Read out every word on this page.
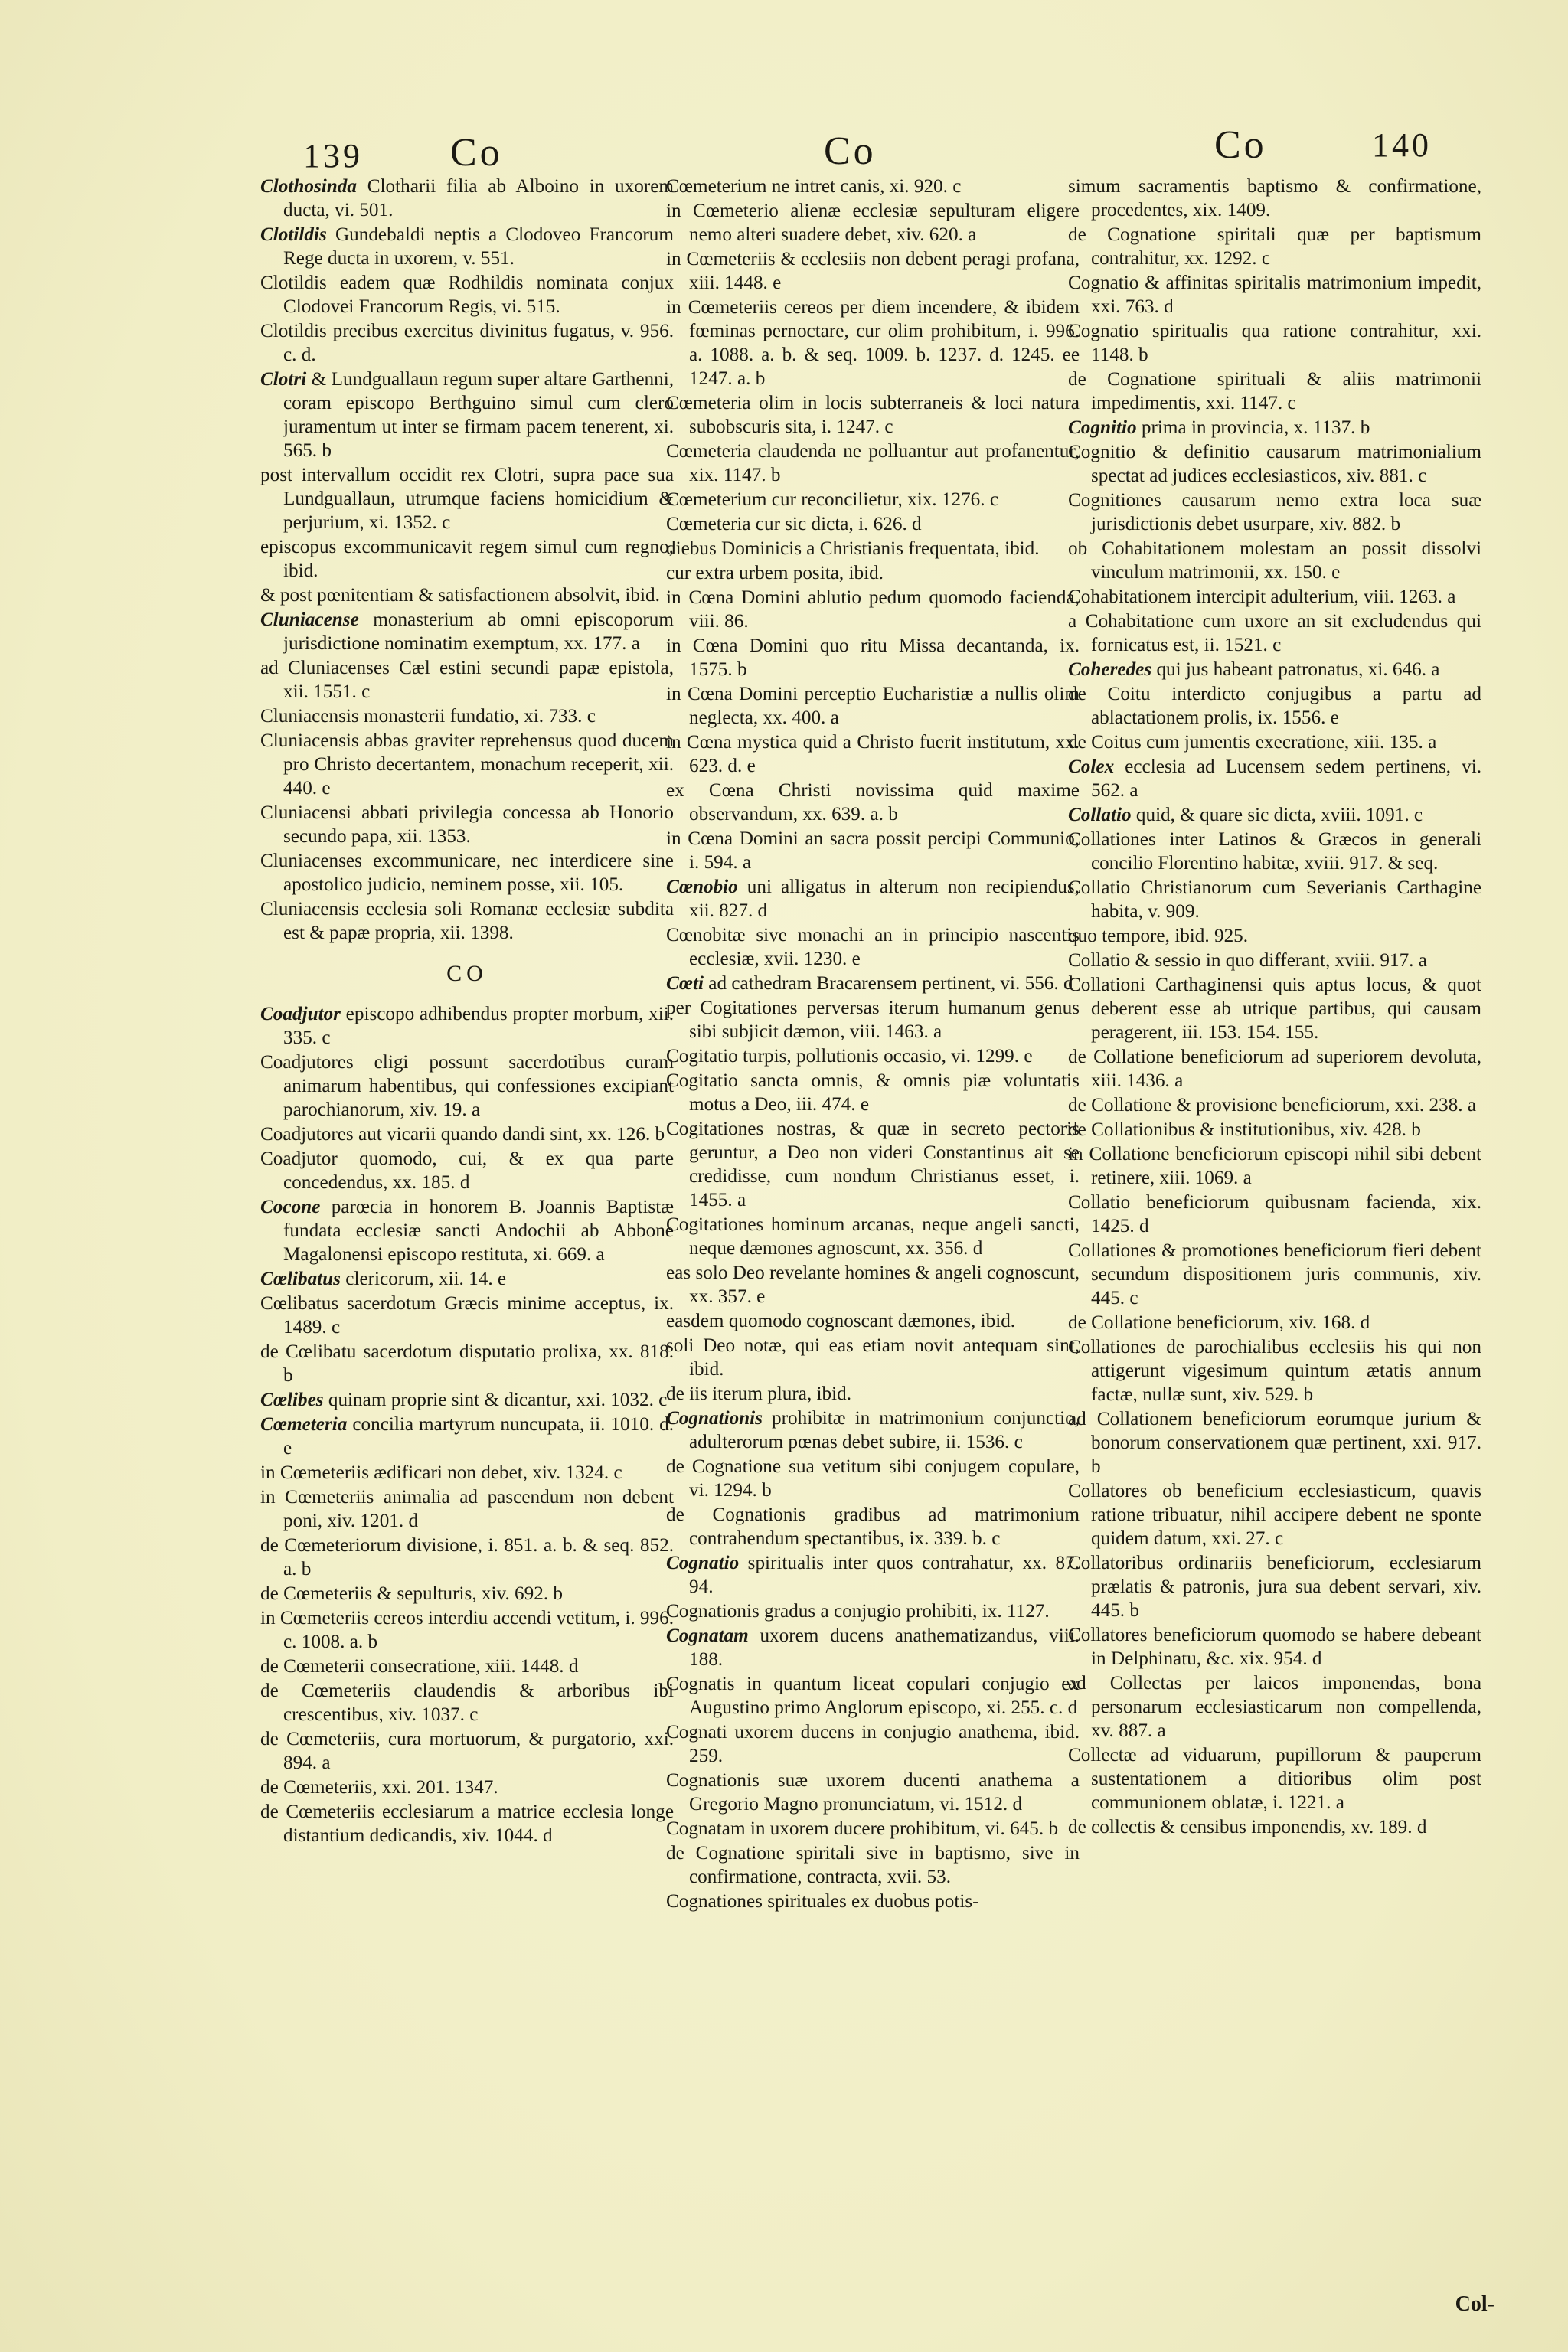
139 Co	Co	Co	140
Clothosinda Clotharii filia ab Alboino in uxorem ducta, vi. 501.
Clotildis Gundebaldi neptis a Clodoveo Francorum Rege ducta in uxorem, v. 551.
Clotildis eadem quæ Rodhildis nominata conjux Clodovei Francorum Regis, vi. 515.
Clotildis precibus exercitus divinitus fugatus, v. 956. c. d.
Clotri & Lundguallaun regum super altare Garthenni, coram episcopo Berthguino simul cum clero juramentum ut inter se firmam pacem tenerent, xi. 565. b
post intervallum occidit rex Clotri, supra pace sua Lundguallaun, utrumque faciens homicidium & perjurium, xi. 1352. c
episcopus excommunicavit regem simul cum regno, ibid.
& post pœnitentiam & satisfactionem absolvit, ibid.
Cluniacense monasterium ab omni episcoporum jurisdictione nominatim exemptum, xx. 177. a
ad Cluniacenses Cæl estini secundi papæ epistola, xii. 1551. c
Cluniacensis monasterii fundatio, xi. 733. c
Cluniacensis abbas graviter reprehensus quod ducem pro Christo decertantem, monachum receperit, xii. 440. e
Cluniacensi abbati privilegia concessa ab Honorio secundo papa, xii. 1353.
Cluniacenses excommunicare, nec interdicere sine apostolico judicio, neminem posse, xii. 105.
Cluniacensis ecclesia soli Romanæ ecclesiæ subdita est & papæ propria, xii. 1398.
CO
Coadjutor episcopo adhibendus propter morbum, xii. 335. c
Coadjutores eligi possunt sacerdotibus curam animarum habentibus, qui confessiones excipiant parochianorum, xiv. 19. a
Coadjutores aut vicarii quando dandi sint, xx. 126. b
Coadjutor quomodo, cui, & ex qua parte concedendus, xx. 185. d
Cocone parœcia in honorem B. Joannis Baptistæ fundata ecclesiæ sancti Andochii ab Abbone Magalonensi episcopo restituta, xi. 669. a
Cœlibatus clericorum, xii. 14. e
Cœlibatus sacerdotum Græcis minime acceptus, ix. 1489. c
de Cœlibatu sacerdotum disputatio prolixa, xx. 818. b
Cœlibes quinam proprie sint & dicantur, xxi. 1032. c
Cœmeteria concilia martyrum nuncupata, ii. 1010. d. e
in Cœmeteriis ædificari non debet, xiv. 1324. c
in Cœmeteriis animalia ad pascendum non debent poni, xiv. 1201. d
de Cœmeteriorum divisione, i. 851. a. b. & seq. 852. a. b
de Cœmeteriis & sepulturis, xiv. 692. b
in Cœmeteriis cereos interdiu accendi vetitum, i. 996. c. 1008. a. b
de Cœmeterii consecratione, xiii. 1448. d
de Cœmeteriis claudendis & arboribus ibi crescentibus, xiv. 1037. c
de Cœmeteriis, cura mortuorum, & purgatorio, xxi. 894. a
de Cœmeteriis, xxi. 201. 1347.
de Cœmeteriis ecclesiarum a matrice ecclesia longe distantium dedicandis, xiv. 1044. d
Cœmeterium ne intret canis, xi. 920. c
in Cœmeterio alienæ ecclesiæ sepulturam eligere nemo alteri suadere debet, xiv. 620. a
in Cœmeteriis & ecclesiis non debent peragi profana, xiii. 1448. e
in Cœmeteriis cereos per diem incendere, & ibidem fœminas pernoctare, cur olim prohibitum, i. 996. a. 1088. a. b. & seq. 1009. b. 1237. d. 1245. ee 1247. a. b
Cœmeteria olim in locis subterraneis & loci natura subobscuris sita, i. 1247. c
Cœmeteria claudenda ne polluantur aut profanentur, xix. 1147. b
Cœmeterium cur reconcilietur, xix. 1276. c
Cœmeteria cur sic dicta, i. 626. d
diebus Dominicis a Christianis frequentata, ibid.
cur extra urbem posita, ibid.
in Cœna Domini ablutio pedum quomodo facienda, viii. 86.
in Cœna Domini quo ritu Missa decantanda, ix. 1575. b
in Cœna Domini perceptio Eucharistiæ a nullis olim neglecta, xx. 400. a
in Cœna mystica quid a Christo fuerit institutum, xx. 623. d. e
ex Cœna Christi novissima quid maxime observandum, xx. 639. a. b
in Cœna Domini an sacra possit percipi Communio, i. 594. a
Cœnobio uni alligatus in alterum non recipiendus, xii. 827. d
Cœnobitæ sive monachi an in principio nascentis ecclesiæ, xvii. 1230. e
Cœti ad cathedram Bracarensem pertinent, vi. 556. d
per Cogitationes perversas iterum humanum genus sibi subjicit dæmon, viii. 1463. a
Cogitatio turpis, pollutionis occasio, vi. 1299. e
Cogitatio sancta omnis, & omnis piæ voluntatis motus a Deo, iii. 474. e
Cogitationes nostras, & quæ in secreto pectoris geruntur, a Deo non videri Constantinus ait se credidisse, cum nondum Christianus esset, i. 1455. a
Cogitationes hominum arcanas, neque angeli sancti, neque dæmones agnoscunt, xx. 356. d
eas solo Deo revelante homines & angeli cognoscunt, xx. 357. e
easdem quomodo cognoscant dæmones, ibid.
soli Deo notæ, qui eas etiam novit antequam sint, ibid.
de iis iterum plura, ibid.
Cognationis prohibitæ in matrimonium conjunctio, adulterorum pœnas debet subire, ii. 1536. c
de Cognatione sua vetitum sibi conjugem copulare, vi. 1294. b
de Cognationis gradibus ad matrimonium contrahendum spectantibus, ix. 339. b. c
Cognatio spiritualis inter quos contrahatur, xx. 87. 94.
Cognationis gradus a conjugio prohibiti, ix. 1127.
Cognatam uxorem ducens anathematizandus, viii. 188.
Cognatis in quantum liceat copulari conjugio ex Augustino primo Anglorum episcopo, xi. 255. c. d
Cognati uxorem ducens in conjugio anathema, ibid. 259.
Cognationis suæ uxorem ducenti anathema a Gregorio Magno pronunciatum, vi. 1512. d
Cognatam in uxorem ducere prohibitum, vi. 645. b
de Cognatione spiritali sive in baptismo, sive in confirmatione, contracta, xvii. 53.
Cognationes spirituales ex duobus potis-
simum sacramentis baptismo & confirmatione, procedentes, xix. 1409.
de Cognatione spiritali quæ per baptismum contrahitur, xx. 1292. c
Cognatio & affinitas spiritalis matrimonium impedit, xxi. 763. d
Cognatio spiritualis qua ratione contrahitur, xxi. 1148. b
de Cognatione spirituali & aliis matrimonii impedimentis, xxi. 1147. c
Cognitio prima in provincia, x. 1137. b
Cognitio & definitio causarum matrimonialium spectat ad judices ecclesiasticos, xiv. 881. c
Cognitiones causarum nemo extra loca suæ jurisdictionis debet usurpare, xiv. 882. b
ob Cohabitationem molestam an possit dissolvi vinculum matrimonii, xx. 150. e
Cohabitationem intercipit adulterium, viii. 1263. a
a Cohabitatione cum uxore an sit excludendus qui fornicatus est, ii. 1521. c
Coheredes qui jus habeant patronatus, xi. 646. a
de Coitu interdicto conjugibus a partu ad ablactationem prolis, ix. 1556. e
de Coitus cum jumentis execratione, xiii. 135. a
Colex ecclesia ad Lucensem sedem pertinens, vi. 562. a
Collatio quid, & quare sic dicta, xviii. 1091. c
Collationes inter Latinos & Græcos in generali concilio Florentino habitæ, xviii. 917. & seq.
Collatio Christianorum cum Severianis Carthagine habita, v. 909.
quo tempore, ibid. 925.
Collatio & sessio in quo differant, xviii. 917. a
Collationi Carthaginensi quis aptus locus, & quot deberent esse ab utrique partibus, qui causam peragerent, iii. 153. 154. 155.
de Collatione beneficiorum ad superiorem devoluta, xiii. 1436. a
de Collatione & provisione beneficiorum, xxi. 238. a
de Collationibus & institutionibus, xiv. 428. b
in Collatione beneficiorum episcopi nihil sibi debent retinere, xiii. 1069. a
Collatio beneficiorum quibusnam facienda, xix. 1425. d
Collationes & promotiones beneficiorum fieri debent secundum dispositionem juris communis, xiv. 445. c
de Collatione beneficiorum, xiv. 168. d
Collationes de parochialibus ecclesiis his qui non attigerunt vigesimum quintum ætatis annum factæ, nullæ sunt, xiv. 529. b
ad Collationem beneficiorum eorumque jurium & bonorum conservationem quæ pertinent, xxi. 917. b
Collatores ob beneficium ecclesiasticum, quavis ratione tribuatur, nihil accipere debent ne sponte quidem datum, xxi. 27. c
Collatoribus ordinariis beneficiorum, ecclesiarum prælatis & patronis, jura sua debent servari, xiv. 445. b
Collatores beneficiorum quomodo se habere debeant in Delphinatu, &c. xix. 954. d
ad Collectas per laicos imponendas, bona personarum ecclesiasticarum non compellenda, xv. 887. a
Collectæ ad viduarum, pupillorum & pauperum sustentationem a ditioribus olim post communionem oblatæ, i. 1221. a
de collectis & censibus imponendis, xv. 189. d
Col-
